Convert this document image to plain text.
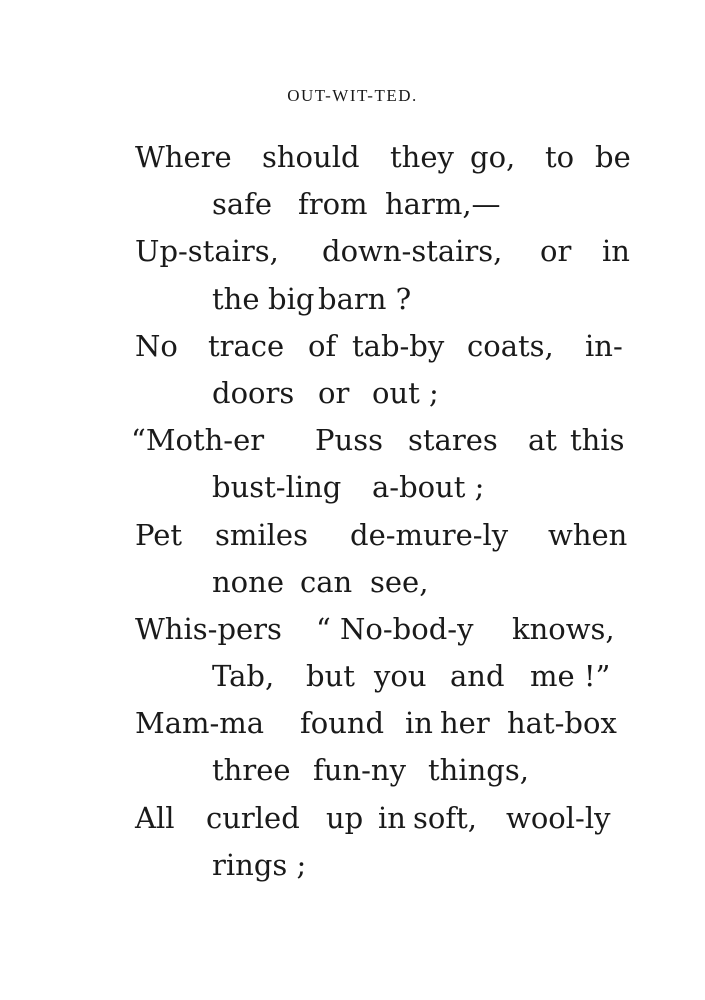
OUT-WIT-TED.
Where should they go, to be
safe from harm,—
Up-stairs, down-stairs, or in
the big barn ?
No trace of tab-by coats, in-
doors or out ;
“Moth-er Puss stares at this
bust-ling a-bout ;
Pet smiles de-mure-ly when
none can see,
Whis-pers “ No-bod-y knows,
Tab, but you and me !”
Mam-ma found in her hat-box
three fun-ny things,
All curled up in soft, wool-ly
rings ;
